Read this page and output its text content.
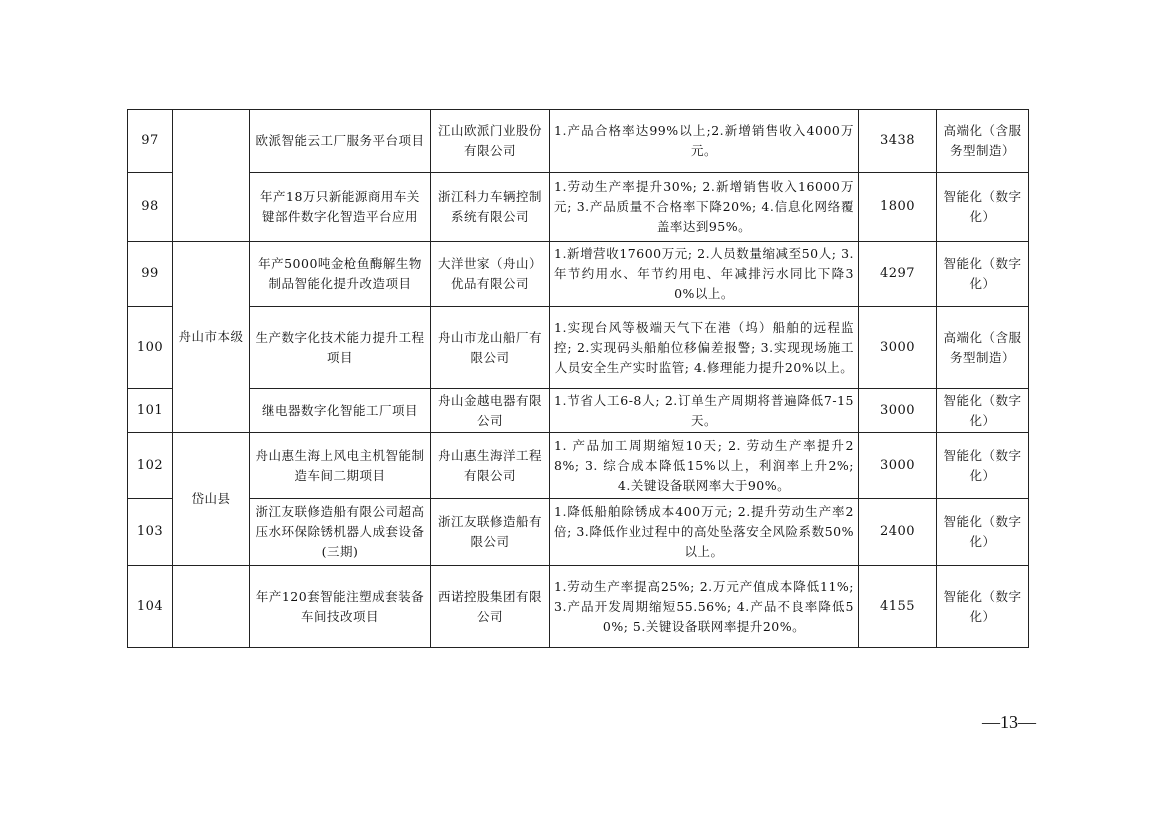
97		欧派智能云工厂服务平台项目	江山欧派门业股份有限公司	1.产品合格率达99%以上;2.新增销售收入4000万元。	3438	高端化（含服务型制造）
98		年产18万只新能源商用车关键部件数字化智造平台应用	浙江科力车辆控制系统有限公司	1.劳动生产率提升30%; 2.新增销售收入16000万元; 3.产品质量不合格率下降20%; 4.信息化网络覆盖率达到95%。	1800	智能化（数字化）
99	舟山市本级	年产5000吨金枪鱼酶解生物制品智能化提升改造项目	大洋世家（舟山）优品有限公司	1.新增营收17600万元; 2.人员数量缩减至50人; 3.年节约用水、年节约用电、年减排污水同比下降30%以上。	4297	智能化（数字化）
100		生产数字化技术能力提升工程项目	舟山市龙山船厂有限公司	1.实现台风等极端天气下在港（坞）船舶的远程监控; 2.实现码头船舶位移偏差报警; 3.实现现场施工人员安全生产实时监管; 4.修理能力提升20%以上。	3000	高端化（含服务型制造）
101		继电器数字化智能工厂项目	舟山金越电器有限公司	1.节省人工6-8人; 2.订单生产周期将普遍降低7-15天。	3000	智能化（数字化）
102	岱山县	舟山惠生海上风电主机智能制造车间二期项目	舟山惠生海洋工程有限公司	1. 产品加工周期缩短10天; 2. 劳动生产率提升28%; 3. 综合成本降低15%以上，利润率上升2%; 4.关键设备联网率大于90%。	3000	智能化（数字化）
103		浙江友联修造船有限公司超高压水环保除锈机器人成套设备(三期)	浙江友联修造船有限公司	1.降低船舶除锈成本400万元; 2.提升劳动生产率2倍; 3.降低作业过程中的高处坠落安全风险系数50%以上。	2400	智能化（数字化）
104		年产120套智能注塑成套装备车间技改项目	西诺控股集团有限公司	1.劳动生产率提高25%; 2.万元产值成本降低11%; 3.产品开发周期缩短55.56%; 4.产品不良率降低50%; 5.关键设备联网率提升20%。	4155	智能化（数字化）
—13—
